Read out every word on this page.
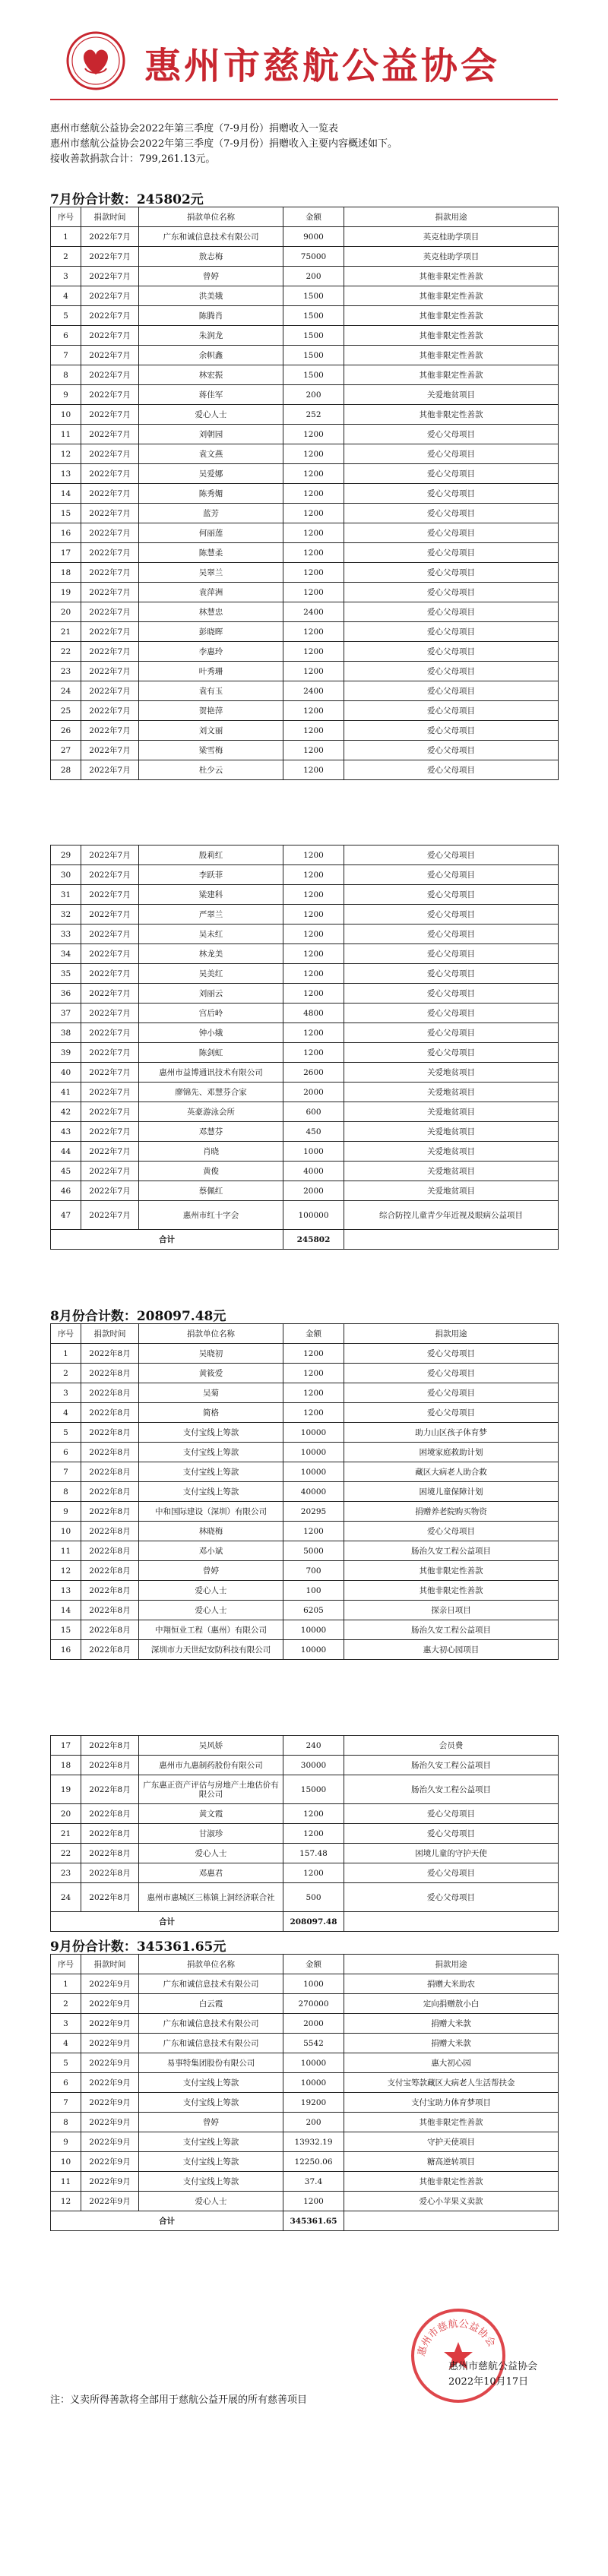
惠州市慈航公益协会
惠州市慈航公益协会2022年第三季度（7-9月份）捐赠收入一览表
惠州市慈航公益协会2022年第三季度（7-9月份）捐赠收入主要内容概述如下。
接收善款捐款合计：799,261.13元。
7月份合计数：245802元
序号	捐款时间	捐款单位名称	金额	捐款用途
1	2022年7月	广东和诚信息技术有限公司	9000	英克桂助学项目
2	2022年7月	敖志梅	75000	英克桂助学项目
3	2022年7月	曾婷	200	其他非限定性善款
4	2022年7月	洪美娥	1500	其他非限定性善款
5	2022年7月	陈腾肖	1500	其他非限定性善款
6	2022年7月	朱润龙	1500	其他非限定性善款
7	2022年7月	余帜鑫	1500	其他非限定性善款
8	2022年7月	林宏振	1500	其他非限定性善款
9	2022年7月	蒋佳军	200	关爱地贫项目
10	2022年7月	爱心人士	252	其他非限定性善款
11	2022年7月	刘朝园	1200	爱心父母项目
12	2022年7月	袁文燕	1200	爱心父母项目
13	2022年7月	吴爱娜	1200	爱心父母项目
14	2022年7月	陈秀媚	1200	爱心父母项目
15	2022年7月	蓝芳	1200	爱心父母项目
16	2022年7月	何丽莲	1200	爱心父母项目
17	2022年7月	陈慧柔	1200	爱心父母项目
18	2022年7月	吴翠兰	1200	爱心父母项目
19	2022年7月	袁萍洲	1200	爱心父母项目
20	2022年7月	林慧忠	2400	爱心父母项目
21	2022年7月	彭晓晖	1200	爱心父母项目
22	2022年7月	李惠玲	1200	爱心父母项目
23	2022年7月	叶秀珊	1200	爱心父母项目
24	2022年7月	袁有玉	2400	爱心父母项目
25	2022年7月	贺艳萍	1200	爱心父母项目
26	2022年7月	刘文丽	1200	爱心父母项目
27	2022年7月	梁雪梅	1200	爱心父母项目
28	2022年7月	杜少云	1200	爱心父母项目
29	2022年7月	殷莉红	1200	爱心父母项目
30	2022年7月	李跃菲	1200	爱心父母项目
31	2022年7月	梁建科	1200	爱心父母项目
32	2022年7月	严翠兰	1200	爱心父母项目
33	2022年7月	吴未红	1200	爱心父母项目
34	2022年7月	林龙美	1200	爱心父母项目
35	2022年7月	吴美红	1200	爱心父母项目
36	2022年7月	刘丽云	1200	爱心父母项目
37	2022年7月	宫后岭	4800	爱心父母项目
38	2022年7月	钟小娥	1200	爱心父母项目
39	2022年7月	陈剑虹	1200	爱心父母项目
40	2022年7月	惠州市益博通讯技术有限公司	2600	关爱地贫项目
41	2022年7月	廖锦先、邓慧芬合家	2000	关爱地贫项目
42	2022年7月	英豪游泳会所	600	关爱地贫项目
43	2022年7月	邓慧芬	450	关爱地贫项目
44	2022年7月	肖晓	1000	关爱地贫项目
45	2022年7月	黄俊	4000	关爱地贫项目
46	2022年7月	蔡佩红	2000	关爱地贫项目
47	2022年7月	惠州市红十字会	100000	综合防控儿童青少年近视及眼病公益项目
合计			245802	
8月份合计数：208097.48元
序号	捐款时间	捐款单位名称	金额	捐款用途
1	2022年8月	吴晓初	1200	爱心父母项目
2	2022年8月	黄筱爱	1200	爱心父母项目
3	2022年8月	吴菊	1200	爱心父母项目
4	2022年8月	简格	1200	爱心父母项目
5	2022年8月	支付宝线上筹款	10000	助力山区孩子体育梦
6	2022年8月	支付宝线上筹款	10000	困境家庭救助计划
7	2022年8月	支付宝线上筹款	10000	藏区大病老人助合救
8	2022年8月	支付宝线上筹款	40000	困境儿童保障计划
9	2022年8月	中和国际建设（深圳）有限公司	20295	捐赠养老院购买物资
10	2022年8月	林晓梅	1200	爱心父母项目
11	2022年8月	邓小斌	5000	肠治久安工程公益项目
12	2022年8月	曾婷	700	其他非限定性善款
13	2022年8月	爱心人士	100	其他非限定性善款
14	2022年8月	爱心人士	6205	探亲日项目
15	2022年8月	中翔恒业工程（惠州）有限公司	10000	肠治久安工程公益项目
16	2022年8月	深圳市力天世纪安防科技有限公司	10000	惠大初心园项目
17	2022年8月	吴风娇	240	会员费
18	2022年8月	惠州市九惠制药股份有限公司	30000	肠治久安工程公益项目
19	2022年8月	广东惠正资产评估与房地产土地估价有限公司	15000	肠治久安工程公益项目
20	2022年8月	黄文霞	1200	爱心父母项目
21	2022年8月	甘淑珍	1200	爱心父母项目
22	2022年8月	爱心人士	157.48	困境儿童的守护天使
23	2022年8月	邓惠君	1200	爱心父母项目
24	2022年8月	惠州市惠城区三栋镇上洞经济联合社	500	爱心父母项目
合计			208097.48	
9月份合计数：345361.65元
序号	捐款时间	捐款单位名称	金额	捐款用途
1	2022年9月	广东和诚信息技术有限公司	1000	捐赠大米助农
2	2022年9月	白云霞	270000	定向捐赠敖小白
3	2022年9月	广东和诚信息技术有限公司	2000	捐赠大米款
4	2022年9月	广东和诚信息技术有限公司	5542	捐赠大米款
5	2022年9月	易事特集团股份有限公司	10000	惠大初心园
6	2022年9月	支付宝线上筹款	10000	支付宝筹款藏区大病老人生活帮扶金
7	2022年9月	支付宝线上筹款	19200	支付宝助力体育梦项目
8	2022年9月	曾婷	200	其他非限定性善款
9	2022年9月	支付宝线上筹款	13932.19	守护天使项目
10	2022年9月	支付宝线上筹款	12250.06	糖高逆转项目
11	2022年9月	支付宝线上筹款	37.4	其他非限定性善款
12	2022年9月	爱心人士	1200	爱心小苹果义卖款
合计			345361.65	
注：义卖所得善款将全部用于慈航公益开展的所有慈善项目
惠州市慈航公益协会
惠州市慈航公益协会
2022年10月17日
